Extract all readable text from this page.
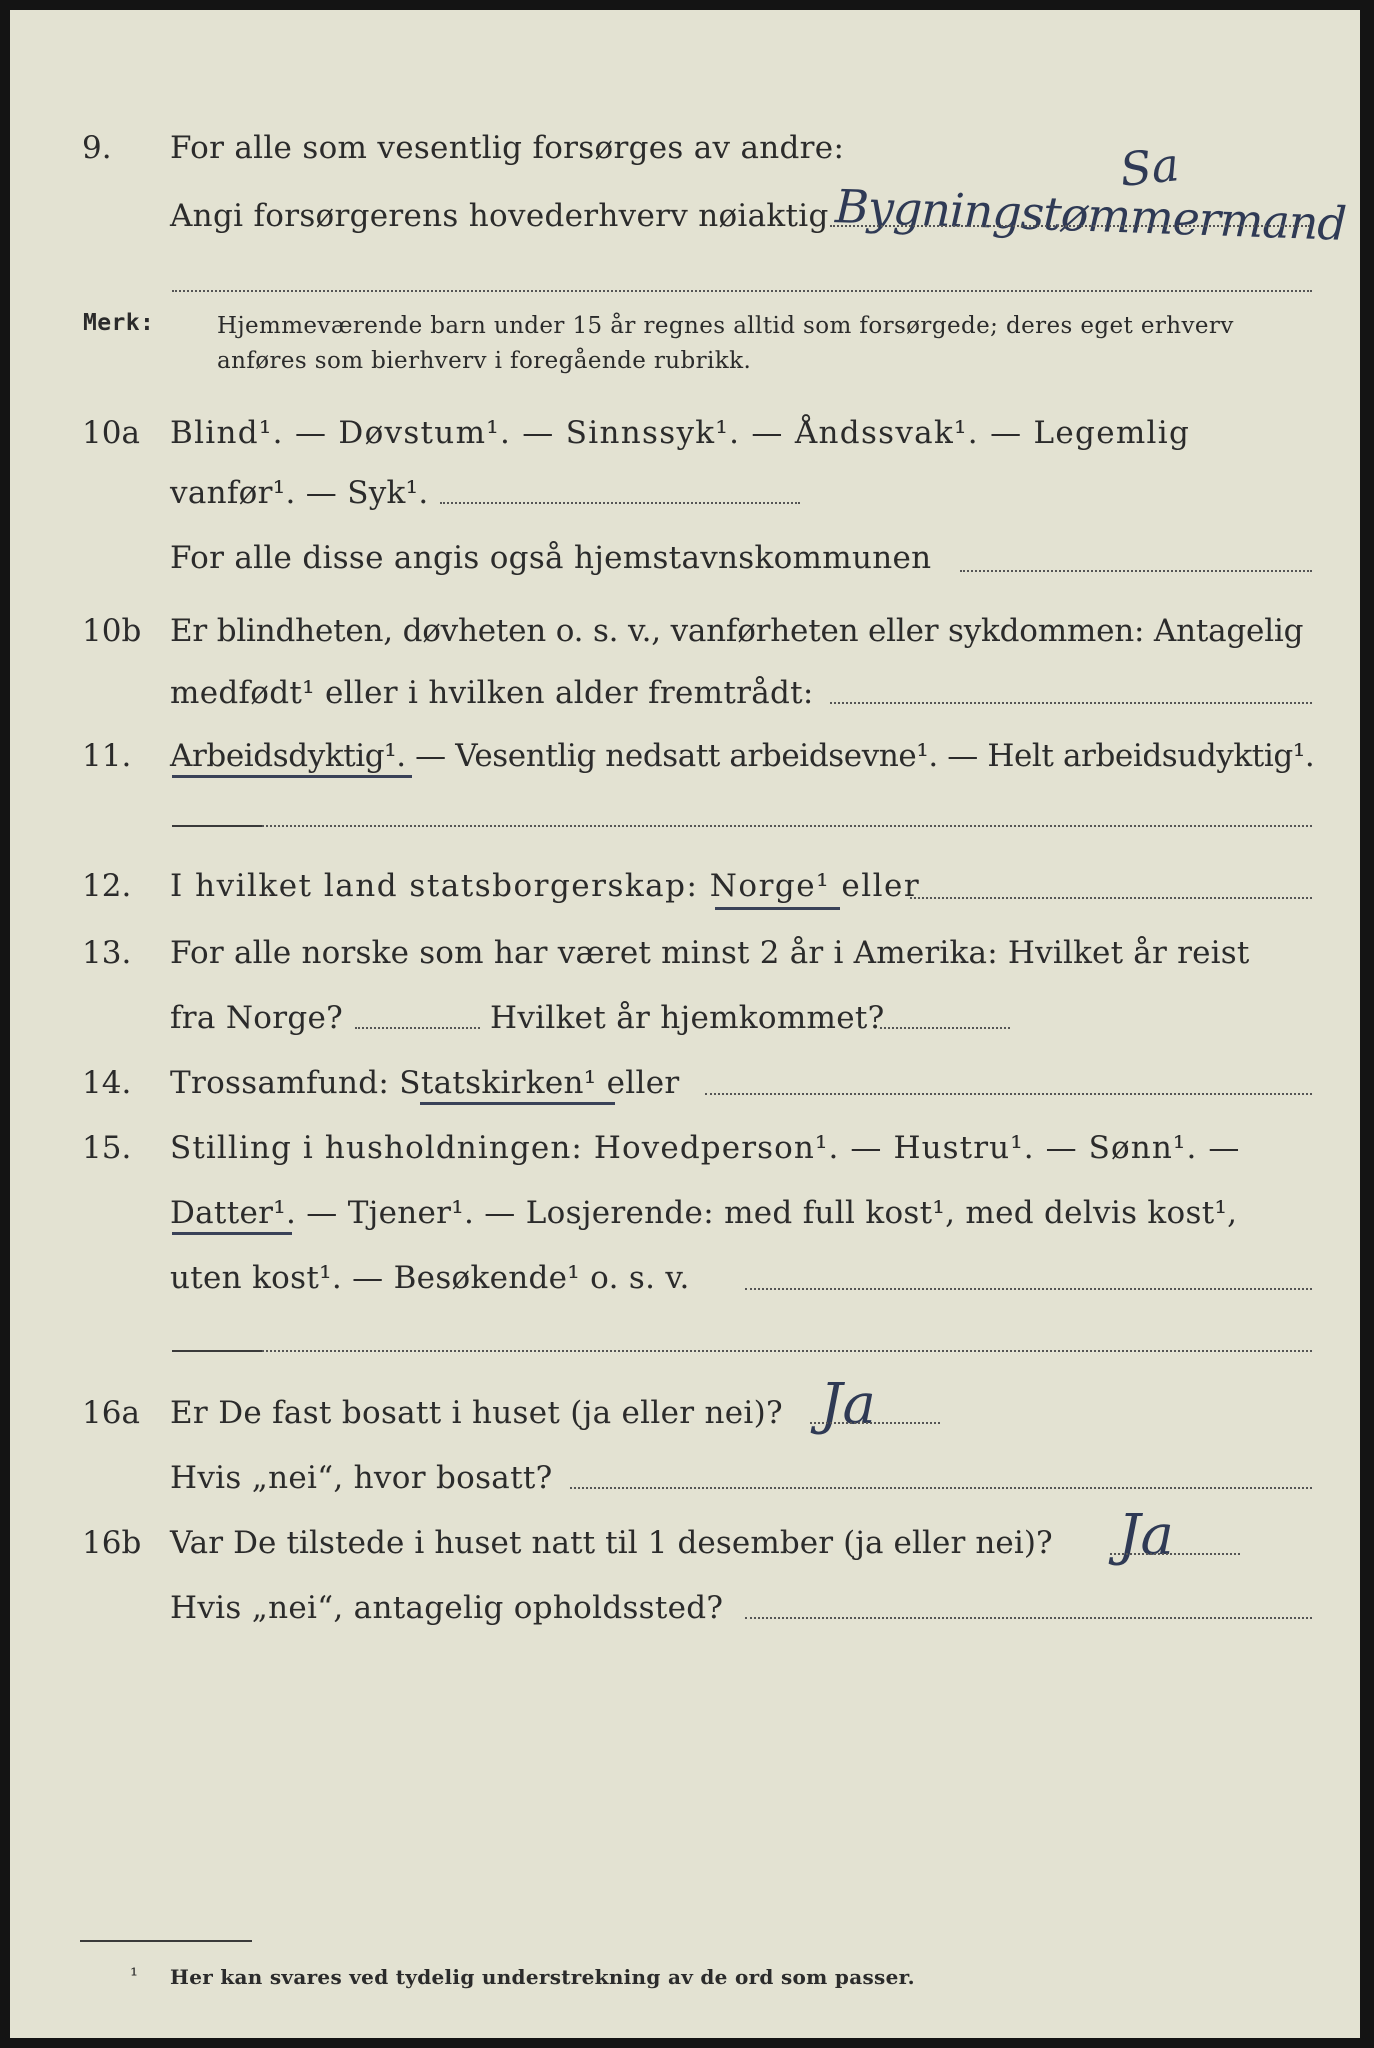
9. For alle som vesentlig forsørges av andre:	Sa
Angi forsørgerens hovederhverv nøiaktig Bygningstømmermand
Merk:	Hjemmeværende barn under 15 år regnes alltid som forsørgede; deres eget erhverv
anføres som bierhverv i foregående rubrikk.
10a Blind¹. — Døvstum¹. — Sinnssyk¹. — Åndssvak¹. — Legemlig
vanfør¹. — Syk¹.
For alle disse angis også hjemstavnskommunen
10b Er blindheten, døvheten o. s. v., vanførheten eller sykdommen: Antagelig
medfødt¹ eller i hvilken alder fremtrådt:
11. Arbeidsdyktig¹. — Vesentlig nedsatt arbeidsevne¹. — Helt arbeidsudyktig¹.
12. I hvilket land statsborgerskap: Norge¹ eller
13. For alle norske som har været minst 2 år i Amerika: Hvilket år reist
fra Norge?	Hvilket år hjemkommet?
14. Trossamfund: Statskirken¹ eller
15. Stilling i husholdningen: Hovedperson¹. — Hustru¹. — Sønn¹. —
Datter¹. — Tjener¹. — Losjerende: med full kost¹, med delvis kost¹,
uten kost¹. — Besøkende¹ o. s. v.
16a Er De fast bosatt i huset (ja eller nei)? Ja
Hvis „nei“, hvor bosatt?
16b Var De tilstede i huset natt til 1 desember (ja eller nei)? Ja
Hvis „nei“, antagelig opholdssted?
¹ Her kan svares ved tydelig understrekning av de ord som passer.
